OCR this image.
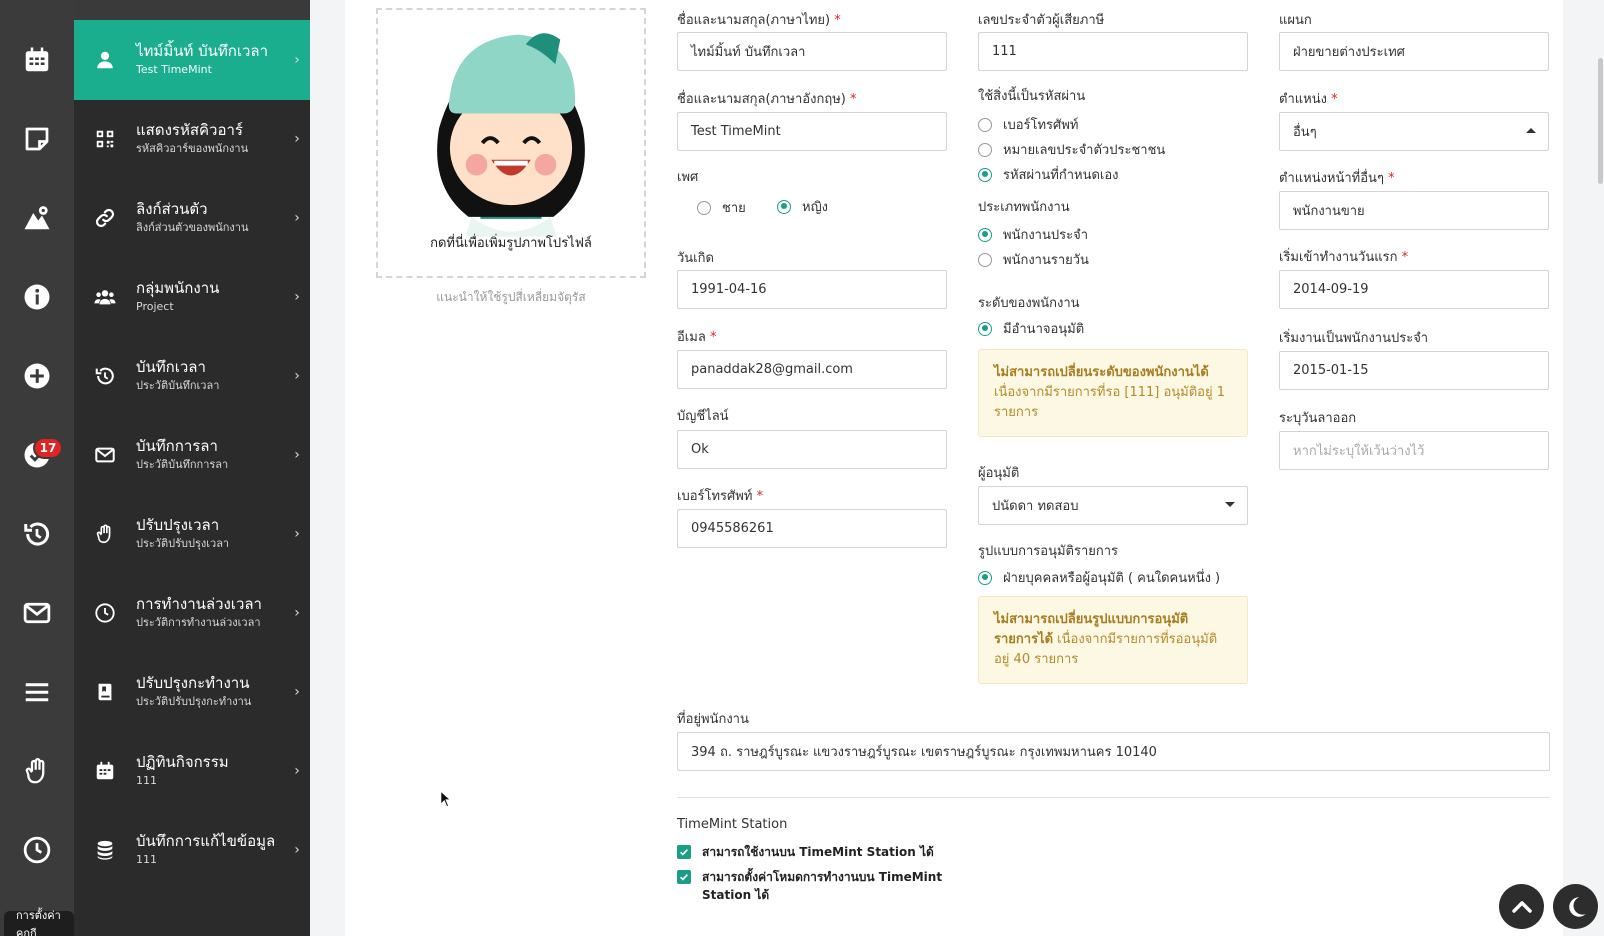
17
การตั้งค่าคกกี
ไทม์มิ้นท์ บันทึกเวลา
Test TimeMint
›
แสดงรหัสคิวอาร์
รหัสคิวอาร์ของพนักงาน
›
ลิงก์ส่วนตัว
ลิงก์ส่วนตัวของพนักงาน
›
กลุ่มพนักงาน
Project
›
บันทึกเวลา
ประวัติบันทึกเวลา
›
บันทึกการลา
ประวัติบันทึกการลา
›
ปรับปรุงเวลา
ประวัติปรับปรุงเวลา
›
การทำงานล่วงเวลา
ประวัติการทำงานล่วงเวลา
›
ปรับปรุงกะทำงาน
ประวัติปรับปรุงกะทำงาน
›
ปฏิทินกิจกรรม
111
›
บันทึกการแก้ไขข้อมูล
111
›
กดที่นี่เพื่อเพิ่มรูปภาพโปรไฟล์
แนะนำให้ใช้รูปสี่เหลี่ยมจัตุรัส
ชื่อและนามสกุล(ภาษาไทย) *
ไทม์มิ้นท์ บันทึกเวลา
ชื่อและนามสกุล(ภาษาอังกฤษ) *
Test TimeMint
เพศ
ชาย	หญิง
วันเกิด
1991-04-16
อีเมล *
panaddak28@gmail.com
บัญชีไลน์
Ok
เบอร์โทรศัพท์ *
0945586261
เลขประจำตัวผู้เสียภาษี
111
ใช้สิ่งนี้เป็นรหัสผ่าน
เบอร์โทรศัพท์
หมายเลขประจำตัวประชาชน
รหัสผ่านที่กำหนดเอง
ประเภทพนักงาน
พนักงานประจำ
พนักงานรายวัน
ระดับของพนักงาน
มีอำนาจอนุมัติ
ไม่สามารถเปลี่ยนระดับของพนักงานได้ เนื่องจากมีรายการที่รอ [111] อนุมัติอยู่ 1 รายการ
ผู้อนุมัติ
ปนัดดา ทดสอบ
รูปแบบการอนุมัติรายการ
ฝ่ายบุคคลหรือผู้อนุมัติ ( คนใดคนหนึ่ง )
ไม่สามารถเปลี่ยนรูปแบบการอนุมัติรายการได้ เนื่องจากมีรายการที่รออนุมัติอยู่ 40 รายการ
แผนก
ฝ่ายขายต่างประเทศ
ตำแหน่ง *
อื่นๆ
ตำแหน่งหน้าที่อื่นๆ *
พนักงานขาย
เริ่มเข้าทำงานวันแรก *
2014-09-19
เริ่มงานเป็นพนักงานประจำ
2015-01-15
ระบุวันลาออก
หากไม่ระบุให้เว้นว่างไว้
ที่อยู่พนักงาน
394 ถ. ราษฎร์บูรณะ แขวงราษฎร์บูรณะ เขตราษฎร์บูรณะ กรุงเทพมหานคร 10140
TimeMint Station
สามารถใช้งานบน TimeMint Station ได้
สามารถตั้งค่าโหมดการทำงานบน TimeMint Station ได้
